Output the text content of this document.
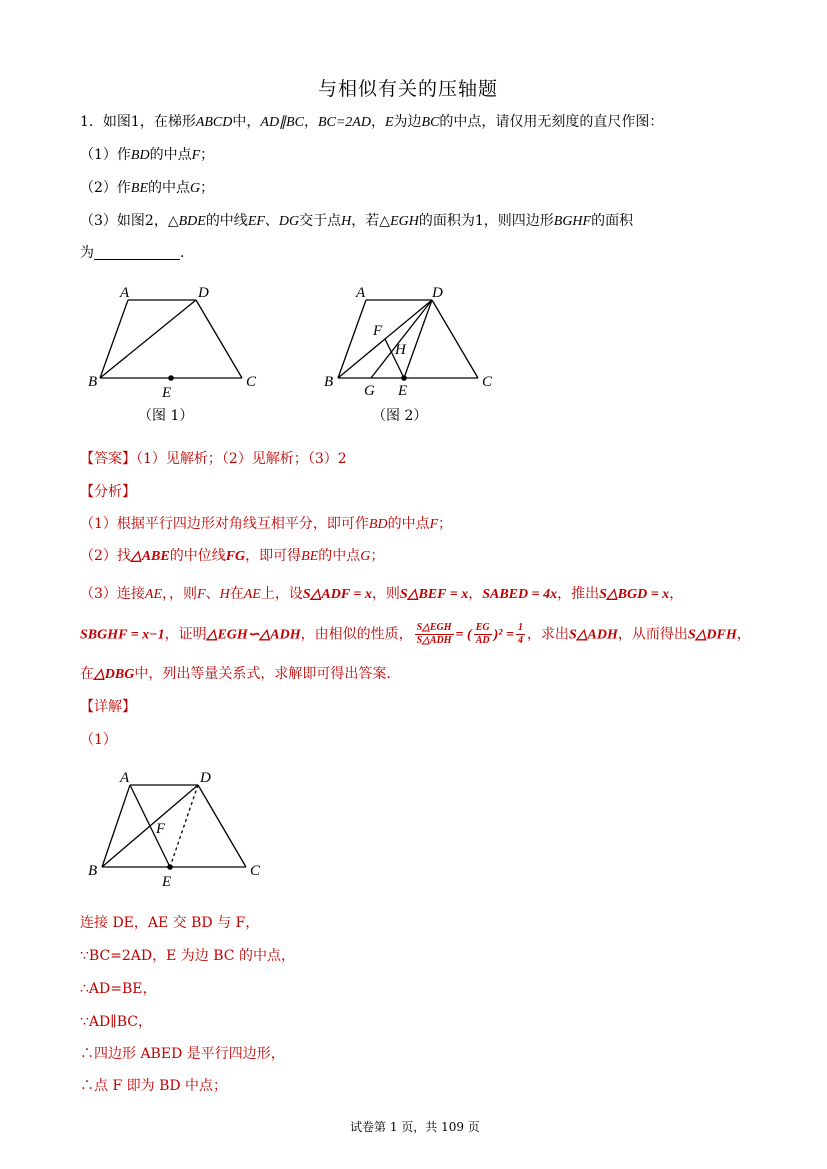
与相似有关的压轴题
1．如图1，在梯形ABCD中，AD∥BC，BC=2AD，E为边BC的中点，请仅用无刻度的直尺作图：
（1）作BD的中点F；
（2）作BE的中点G；
（3）如图2，△BDE的中线EF、DG交于点H，若△EGH的面积为1，则四边形BGHF的面积
为	.
A	D
B	C
E
（图 1）
A	D
B	C
F
H
G E
（图 2）
【答案】（1）见解析；（2）见解析；（3）2
【分析】
（1）根据平行四边形对角线互相平分，即可作BD的中点F；
（2）找△ABE的中位线FG，即可得BE的中点G；
（3）连接AE，，则F、H在AE上，设S△ADF = x，则S△BEF = x，SABED = 4x，推出S△BGD = x，
SBGHF = x−1，证明△EGH∽△ADH，由相似的性质， $\frac{\text{S△EGH}}{\text{S△ADH}}$ = ( $\frac{EG}{AD} )^2 = \frac{1}{4}$ ，求出S△ADH，从而得出S△DFH，
在△DBG中，列出等量关系式，求解即可得出答案.
【详解】
（1）
A	D
F
B	C
E
连接 DE，AE 交 BD 与 F，
∵BC=2AD，E 为边 BC 的中点，
∴AD=BE，
∵AD∥BC，
∴四边形 ABED 是平行四边形，
∴点 F 即为 BD 中点；
试卷第 1 页，共 109 页
